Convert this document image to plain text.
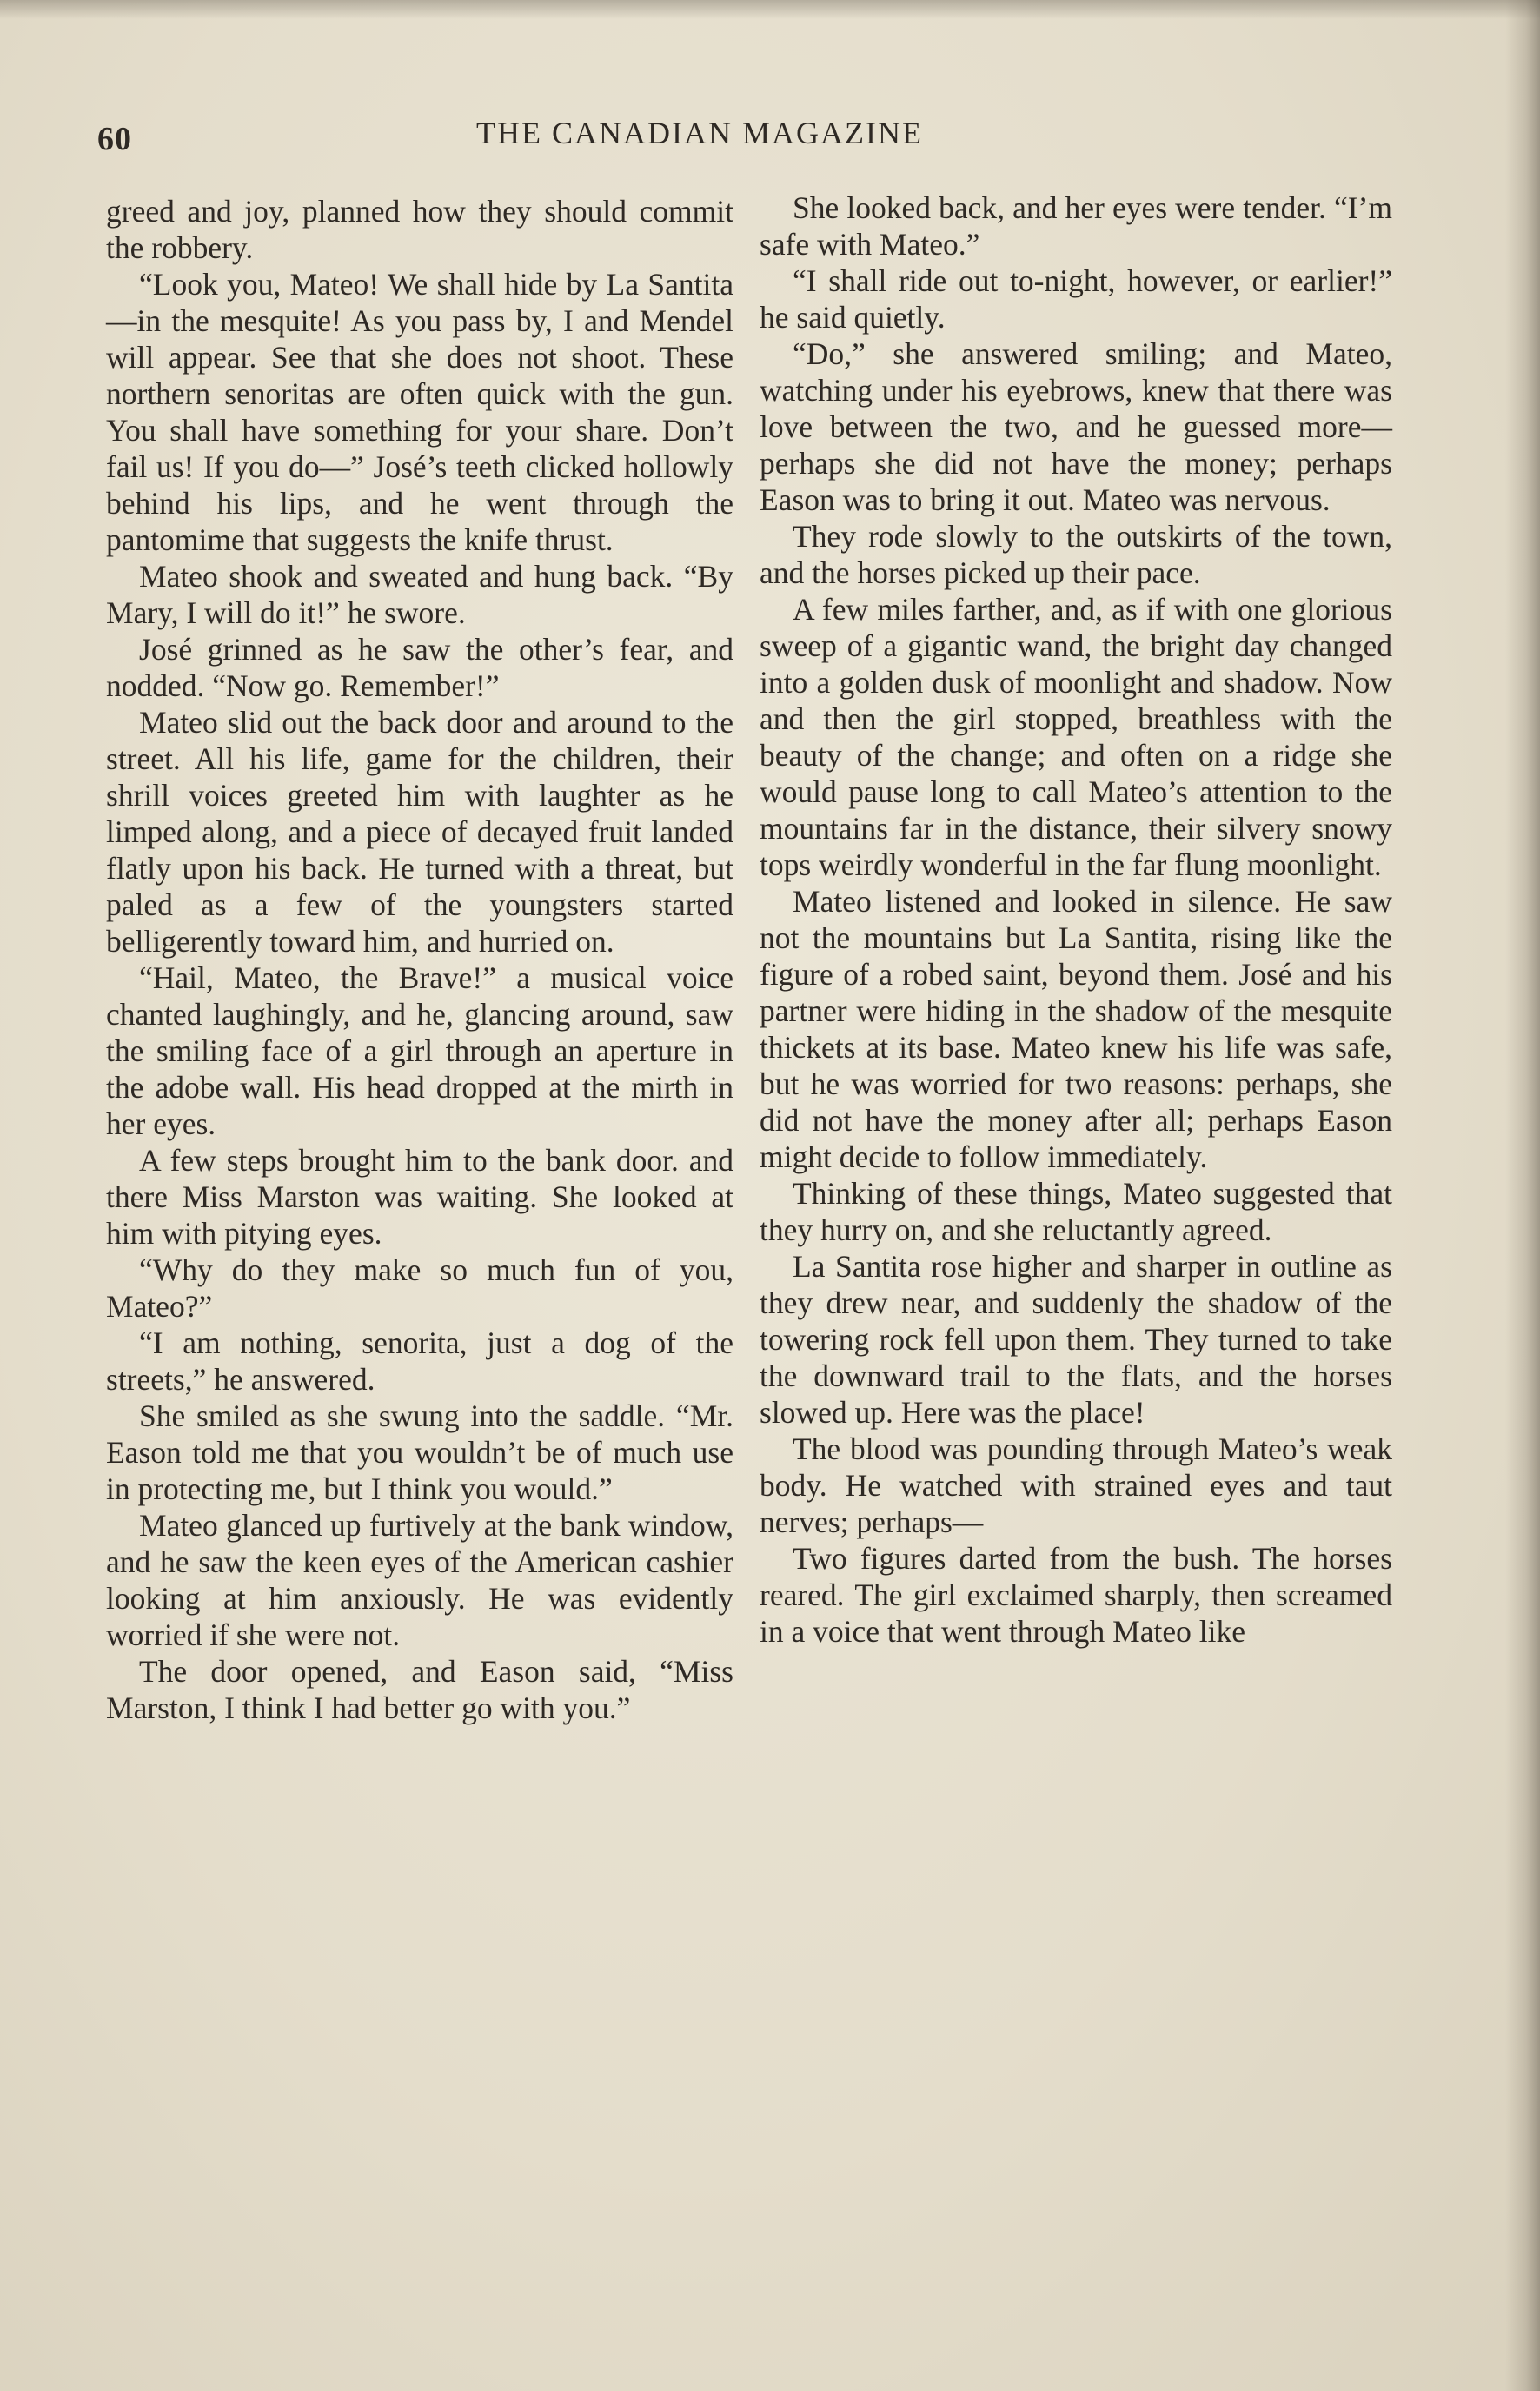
60	THE CANADIAN MAGAZINE

greed and joy, planned how they should commit the robbery.

“Look you, Mateo! We shall hide by La Santita—in the mesquite! As you pass by, I and Mendel will appear. See that she does not shoot. These northern senoritas are often quick with the gun. You shall have something for your share. Don’t fail us! If you do—” José’s teeth clicked hollowly behind his lips, and he went through the pantomime that suggests the knife thrust.

Mateo shook and sweated and hung back. “By Mary, I will do it!” he swore.

José grinned as he saw the other’s fear, and nodded. “Now go. Remember!”

Mateo slid out the back door and around to the street. All his life, game for the children, their shrill voices greeted him with laughter as he limped along, and a piece of decayed fruit landed flatly upon his back. He turned with a threat, but paled as a few of the youngsters started belligerently toward him, and hurried on.

“Hail, Mateo, the Brave!” a musical voice chanted laughingly, and he, glancing around, saw the smiling face of a girl through an aperture in the adobe wall. His head dropped at the mirth in her eyes.

A few steps brought him to the bank door. and there Miss Marston was waiting. She looked at him with pitying eyes.

“Why do they make so much fun of you, Mateo?”

“I am nothing, senorita, just a dog of the streets,” he answered.

She smiled as she swung into the saddle. “Mr. Eason told me that you wouldn’t be of much use in protecting me, but I think you would.”

Mateo glanced up furtively at the bank window, and he saw the keen eyes of the American cashier looking at him anxiously. He was evidently worried if she were not.

The door opened, and Eason said, “Miss Marston, I think I had better go with you.”

She looked back, and her eyes were tender. “I’m safe with Mateo.”

“I shall ride out to-night, however, or earlier!” he said quietly.

“Do,” she answered smiling; and Mateo, watching under his eyebrows, knew that there was love between the two, and he guessed more—perhaps she did not have the money; perhaps Eason was to bring it out. Mateo was nervous.

They rode slowly to the outskirts of the town, and the horses picked up their pace.

A few miles farther, and, as if with one glorious sweep of a gigantic wand, the bright day changed into a golden dusk of moonlight and shadow. Now and then the girl stopped, breathless with the beauty of the change; and often on a ridge she would pause long to call Mateo’s attention to the mountains far in the distance, their silvery snowy tops weirdly wonderful in the far flung moonlight.

Mateo listened and looked in silence. He saw not the mountains but La Santita, rising like the figure of a robed saint, beyond them. José and his partner were hiding in the shadow of the mesquite thickets at its base. Mateo knew his life was safe, but he was worried for two reasons: perhaps, she did not have the money after all; perhaps Eason might decide to follow immediately.

Thinking of these things, Mateo suggested that they hurry on, and she reluctantly agreed.

La Santita rose higher and sharper in outline as they drew near, and suddenly the shadow of the towering rock fell upon them. They turned to take the downward trail to the flats, and the horses slowed up. Here was the place!

The blood was pounding through Mateo’s weak body. He watched with strained eyes and taut nerves; perhaps—

Two figures darted from the bush. The horses reared. The girl exclaimed sharply, then screamed in a voice that went through Mateo like
